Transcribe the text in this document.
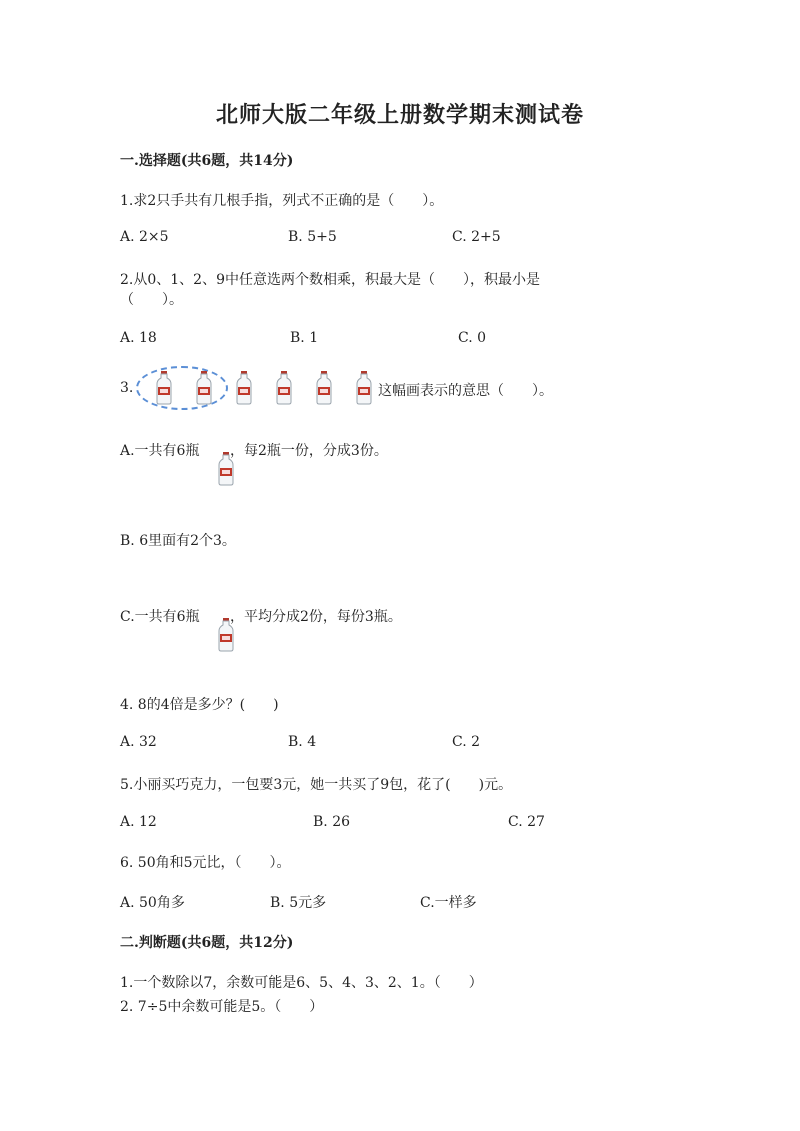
北师大版二年级上册数学期末测试卷
一.选择题(共6题，共14分)
1.求2只手共有几根手指，列式不正确的是（　　）。
A. 2×5	B. 5+5	C. 2+5
2.从0、1、2、9中任意选两个数相乘，积最大是（　　），积最小是
（　　）。
A. 18	B. 1	C. 0
3.	这幅画表示的意思（　　）。
A.一共有6瓶 ，每2瓶一份，分成3份。
B. 6里面有2个3。
C.一共有6瓶 ，平均分成2份，每份3瓶。
4. 8的4倍是多少？(　　)
A. 32	B. 4	C. 2
5.小丽买巧克力，一包要3元，她一共买了9包，花了(　　)元。
A. 12	B. 26	C. 27
6. 50角和5元比，（　　）。
A. 50角多	B. 5元多	C.一样多
二.判断题(共6题，共12分)
1.一个数除以7，余数可能是6、5、4、3、2、1。（　　）
2. 7÷5中余数可能是5。（　　）
